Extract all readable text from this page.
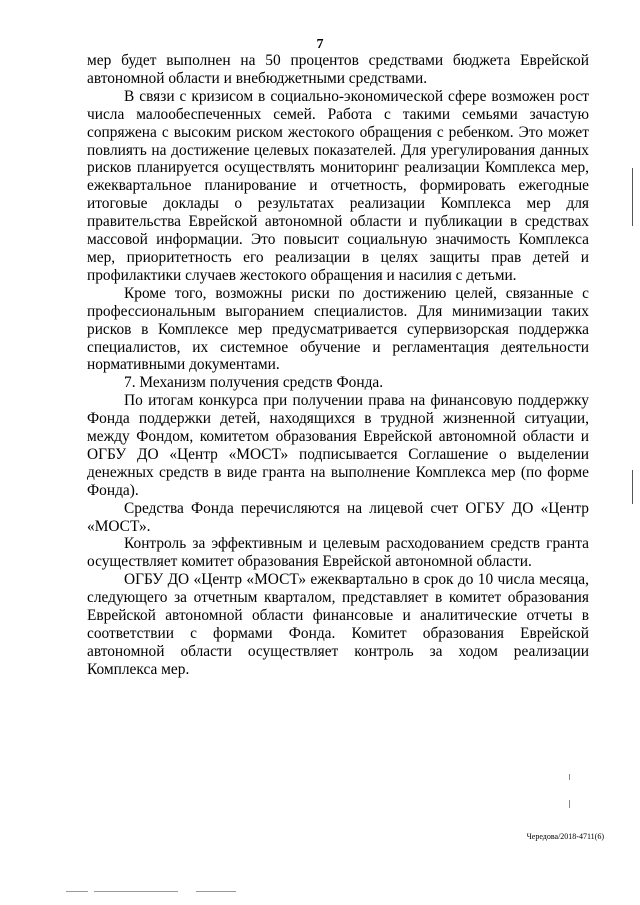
7

мер будет выполнен на 50 процентов средствами бюджета Еврейской автономной области и внебюджетными средствами.

В связи с кризисом в социально-экономической сфере возможен рост числа малообеспеченных семей. Работа с такими семьями зачастую сопряжена с высоким риском жестокого обращения с ребенком. Это может повлиять на достижение целевых показателей. Для урегулирования данных рисков планируется осуществлять мониторинг реализации Комплекса мер, ежеквартальное планирование и отчетность, формировать ежегодные итоговые доклады о результатах реализации Комплекса мер для правительства Еврейской автономной области и публикации в средствах массовой информации. Это повысит социальную значимость Комплекса мер, приоритетность его реализации в целях защиты прав детей и профилактики случаев жестокого обращения и насилия с детьми.

Кроме того, возможны риски по достижению целей, связанные с профессиональным выгоранием специалистов. Для минимизации таких рисков в Комплексе мер предусматривается супервизорская поддержка специалистов, их системное обучение и регламентация деятельности нормативными документами.

7. Механизм получения средств Фонда.

По итогам конкурса при получении права на финансовую поддержку Фонда поддержки детей, находящихся в трудной жизненной ситуации, между Фондом, комитетом образования Еврейской автономной области и ОГБУ ДО «Центр «МОСТ» подписывается Соглашение о выделении денежных средств в виде гранта на выполнение Комплекса мер (по форме Фонда).

Средства Фонда перечисляются на лицевой счет ОГБУ ДО «Центр «МОСТ».

Контроль за эффективным и целевым расходованием средств гранта осуществляет комитет образования Еврейской автономной области.

ОГБУ ДО «Центр «МОСТ» ежеквартально в срок до 10 числа месяца, следующего за отчетным кварталом, представляет в комитет образования Еврейской автономной области финансовые и аналитические отчеты в соответствии с формами Фонда. Комитет образования Еврейской автономной области осуществляет контроль за ходом реализации Комплекса мер.

Чередова/2018-4711(6)
